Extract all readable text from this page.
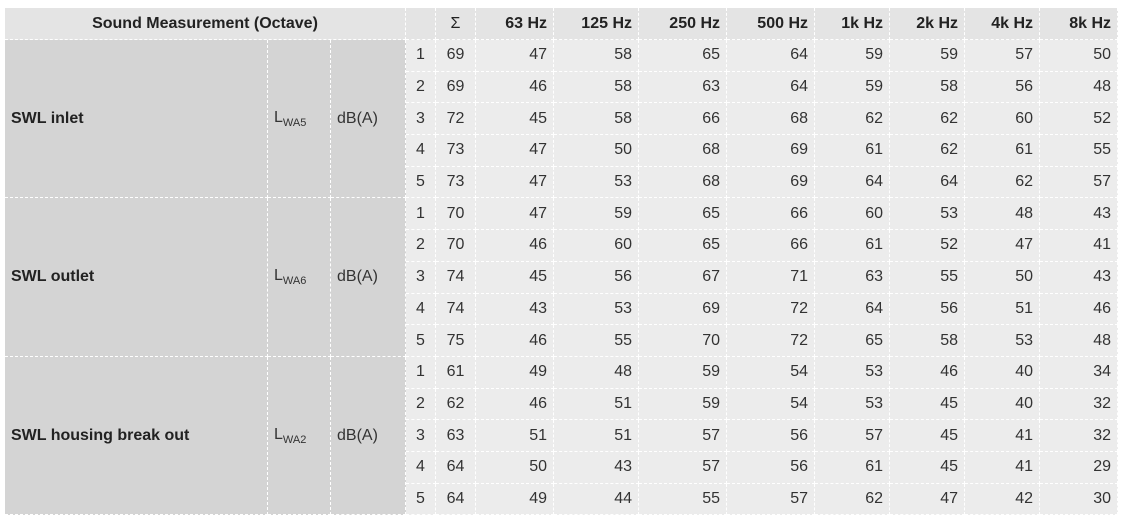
Sound Measurement (Octave)				Σ	63 Hz	125 Hz	250 Hz	500 Hz	1k Hz	2k Hz	4k Hz	8k Hz
SWL inlet	$L_{WA5}$	dB(A)	1	69	47	58	65	64	59	59	57	50
			2	69	46	58	63	64	59	58	56	48
			3	72	45	58	66	68	62	62	60	52
			4	73	47	50	68	69	61	62	61	55
			5	73	47	53	68	69	64	64	62	57
SWL outlet	$L_{WA6}$	dB(A)	1	70	47	59	65	66	60	53	48	43
			2	70	46	60	65	66	61	52	47	41
			3	74	45	56	67	71	63	55	50	43
			4	74	43	53	69	72	64	56	51	46
			5	75	46	55	70	72	65	58	53	48
SWL housing break out	$L_{WA2}$	dB(A)	1	61	49	48	59	54	53	46	40	34
			2	62	46	51	59	54	53	45	40	32
			3	63	51	51	57	56	57	45	41	32
			4	64	50	43	57	56	61	45	41	29
			5	64	49	44	55	57	62	47	42	30
